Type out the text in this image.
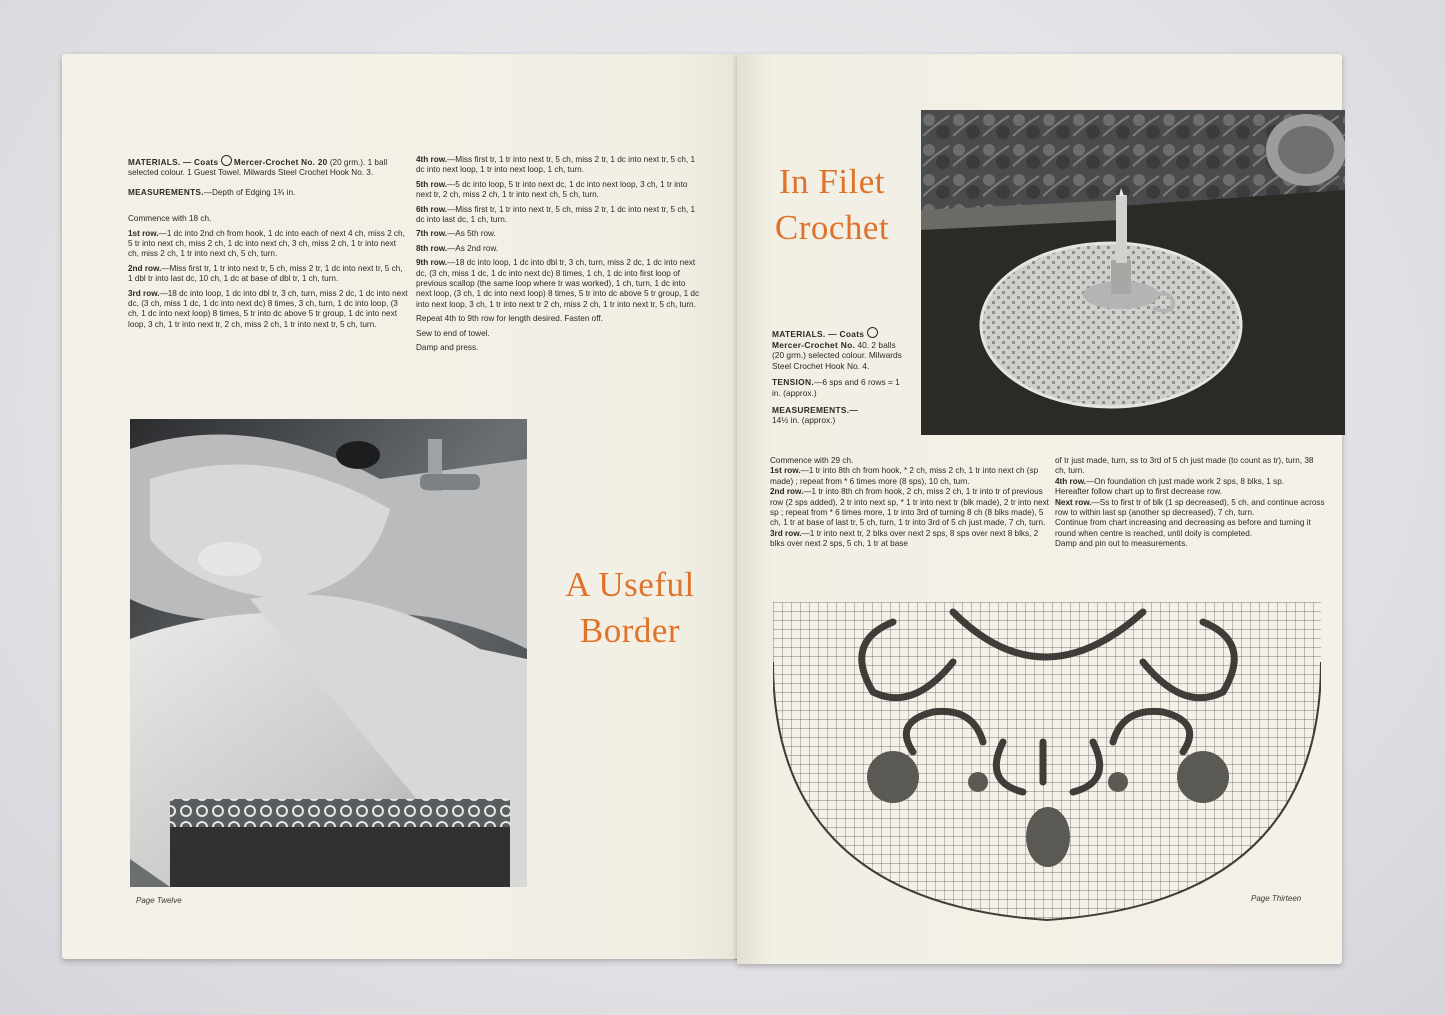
MATERIALS. — Coats Mercer-Crochet No. 20 (20 grm.). 1 ball selected colour. 1 Guest Towel. Milwards Steel Crochet Hook No. 3.

MEASUREMENTS.—Depth of Edging 1¾ in.

Commence with 18 ch.

1st row.—1 dc into 2nd ch from hook, 1 dc into each of next 4 ch, miss 2 ch, 5 tr into next ch, miss 2 ch, 1 dc into next ch, 3 ch, miss 2 ch, 1 tr into next ch, miss 2 ch, 1 tr into next ch, 5 ch, turn.

2nd row.—Miss first tr, 1 tr into next tr, 5 ch, miss 2 tr, 1 dc into next tr, 5 ch, 1 dbl tr into last dc, 10 ch, 1 dc at base of dbl tr, 1 ch, turn.

3rd row.—18 dc into loop, 1 dc into dbl tr, 3 ch, turn, miss 2 dc, 1 dc into next dc, (3 ch, miss 1 dc, 1 dc into next dc) 8 times, 3 ch, turn, 1 dc into loop, (3 ch, 1 dc into next loop) 8 times, 5 tr into dc above 5 tr group, 1 dc into next loop, 3 ch, 1 tr into next tr, 2 ch, miss 2 ch, 1 tr into next tr, 5 ch, turn.

4th row.—Miss first tr, 1 tr into next tr, 5 ch, miss 2 tr, 1 dc into next tr, 5 ch, 1 dc into next loop, 1 tr into next loop, 1 ch, turn.

5th row.—5 dc into loop, 5 tr into next dc, 1 dc into next loop, 3 ch, 1 tr into next tr, 2 ch, miss 2 ch, 1 tr into next ch, 5 ch, turn.

6th row.—Miss first tr, 1 tr into next tr, 5 ch, miss 2 tr, 1 dc into next tr, 5 ch, 1 dc into last dc, 1 ch, turn.

7th row.—As 5th row.

8th row.—As 2nd row.

9th row.—18 dc into loop, 1 dc into dbl tr, 3 ch, turn, miss 2 dc, 1 dc into next dc, (3 ch, miss 1 dc, 1 dc into next dc) 8 times, 1 ch, 1 dc into first loop of previous scallop (the same loop where tr was worked), 1 ch, turn, 1 dc into next loop, (3 ch, 1 dc into next loop) 8 times, 5 tr into dc above 5 tr group, 1 dc into next loop, 3 ch, 1 tr into next tr 2 ch, miss 2 ch, 1 tr into next tr, 5 ch, turn.

Repeat 4th to 9th row for length desired. Fasten off.

Sew to end of towel.

Damp and press.

A Useful
Border
Page Twelve
In Filet
Crochet

MATERIALS. — Coats  Mercer-Crochet No. 40. 2 balls (20 grm.) selected colour. Milwards Steel Crochet Hook No. 4.

TENSION.—6 sps and 6 rows = 1 in. (approx.)

MEASUREMENTS.—
14½ in. (approx.)

Commence with 29 ch.

1st row.—1 tr into 8th ch from hook, * 2 ch, miss 2 ch, 1 tr into next ch (sp made) ; repeat from * 6 times more (8 sps), 10 ch, turn.

2nd row.—1 tr into 8th ch from hook, 2 ch, miss 2 ch, 1 tr into tr of previous row (2 sps added), 2 tr into next sp, * 1 tr into next tr (blk made), 2 tr into next sp ; repeat from * 6 times more, 1 tr into 3rd of turning 8 ch (8 blks made), 5 ch, 1 tr at base of last tr, 5 ch, turn, 1 tr into 3rd of 5 ch just made, 7 ch, turn.

3rd row.—1 tr into next tr, 2 blks over next 2 sps, 8 sps over next 8 blks, 2 blks over next 2 sps, 5 ch, 1 tr at base

of tr just made, turn, ss to 3rd of 5 ch just made (to count as tr), turn, 38 ch, turn.

4th row.—On foundation ch just made work 2 sps, 8 blks, 1 sp.

Hereafter follow chart up to first decrease row.

Next row.—Ss to first tr of blk (1 sp decreased), 5 ch, and continue across row to within last sp (another sp decreased), 7 ch, turn.

Continue from chart increasing and decreasing as before and turning it round when centre is reached, until doily is completed.

Damp and pin out to measurements.

Page Thirteen
